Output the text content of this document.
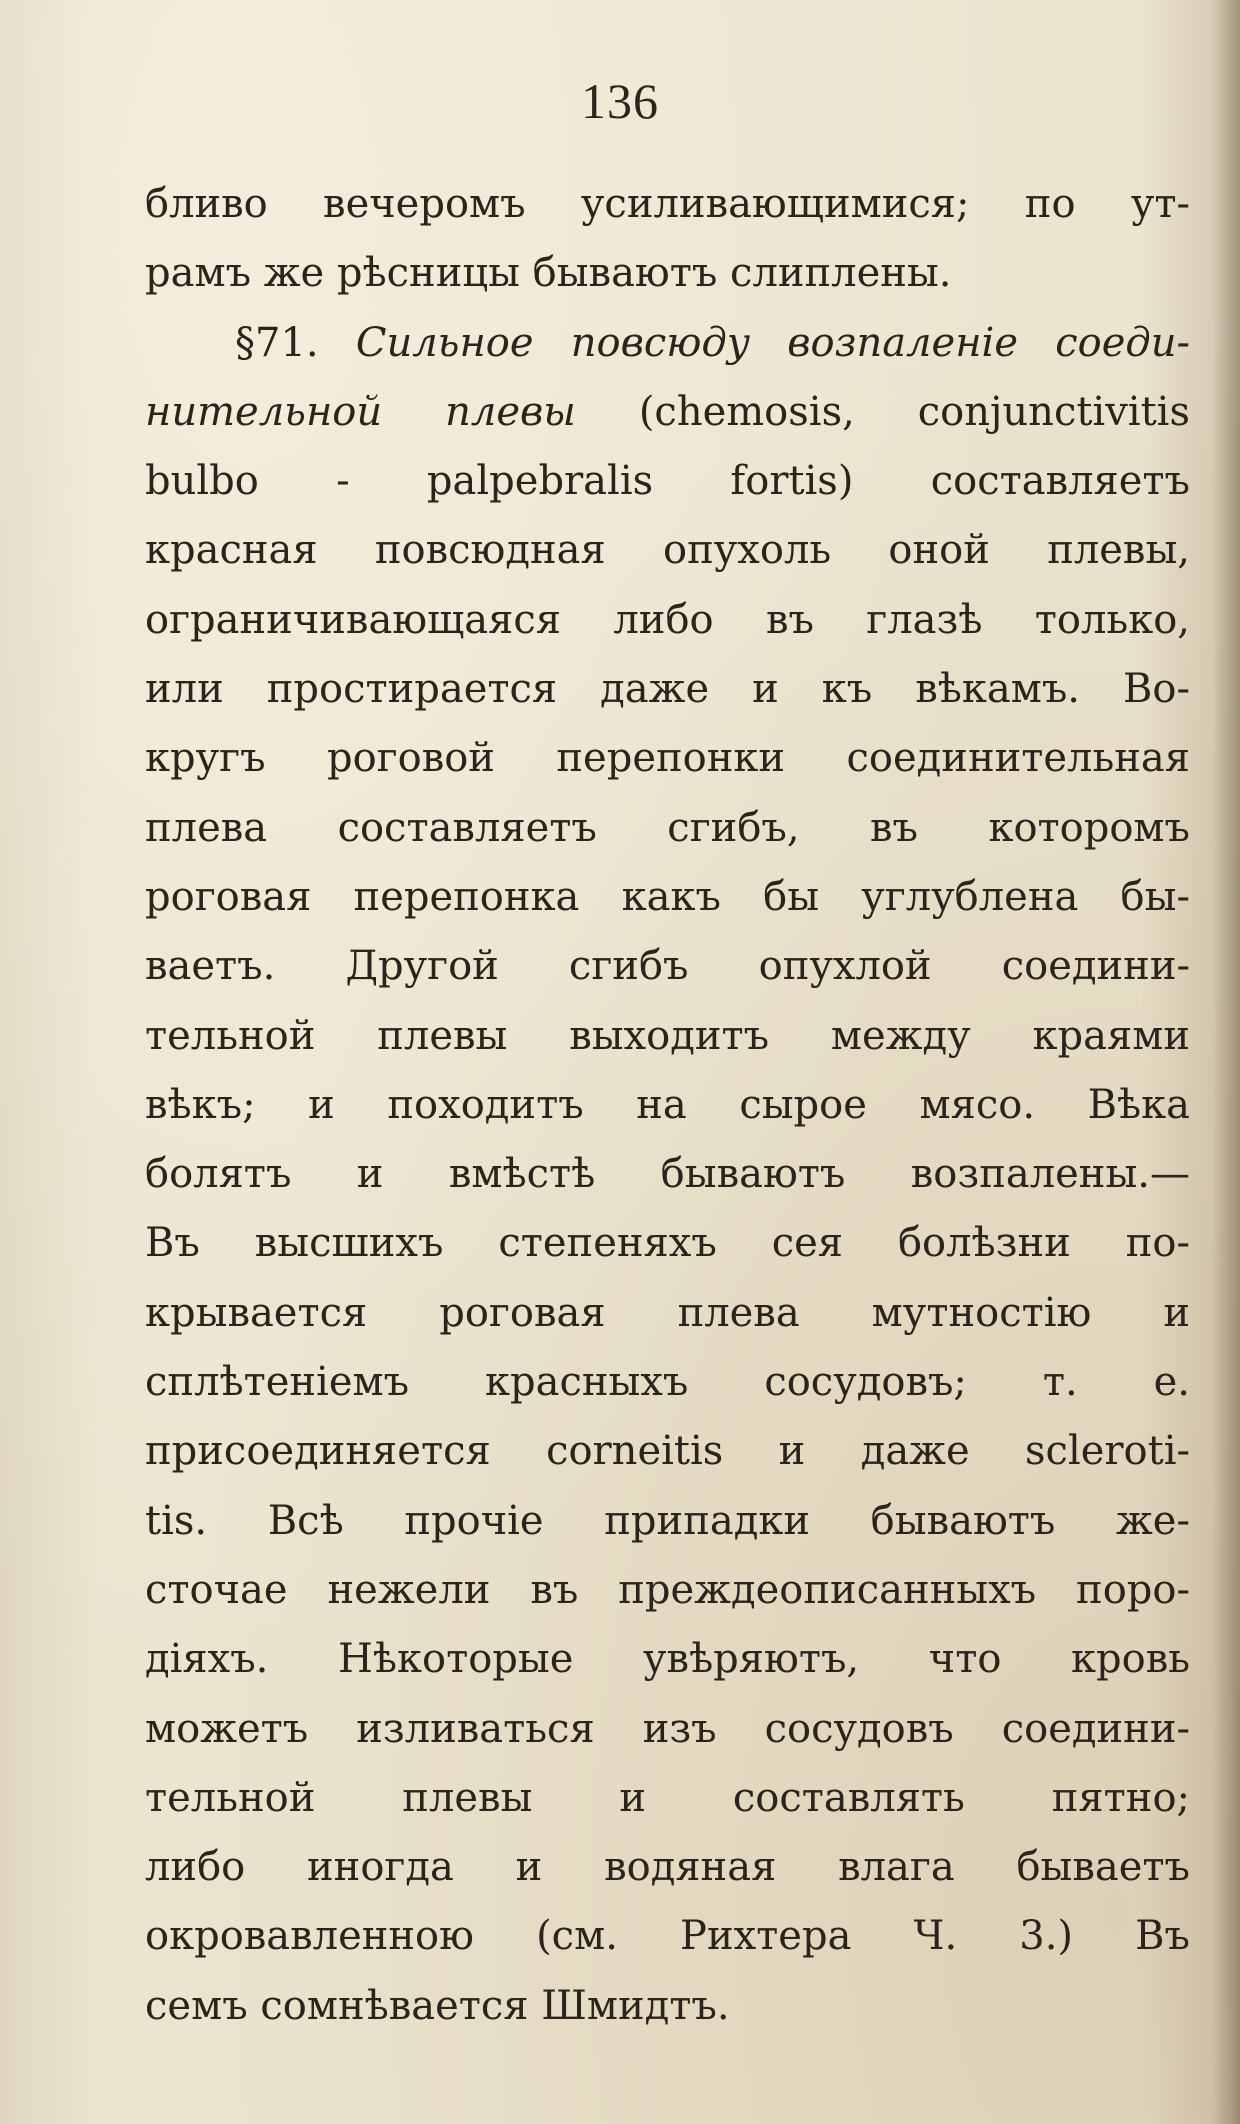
136
бливо вечеромъ усиливающимися; по ут-
рамъ же рѣсницы бываютъ слиплены.
§71. Сильное повсюду возпаленіе соеди-
нительной плевы (chemosis, conjunctivitis
bulbo - palpebralis fortis) составляетъ
красная повсюдная опухоль оной плевы,
ограничивающаяся либо въ глазѣ только,
или простирается даже и къ вѣкамъ. Во-
кругъ роговой перепонки соединительная
плева составляетъ сгибъ, въ которомъ
роговая перепонка какъ бы углублена бы-
ваетъ. Другой сгибъ опухлой соедини-
тельной плевы выходитъ между краями
вѣкъ; и походитъ на сырое мясо. Вѣка
болятъ и вмѣстѣ бываютъ возпалены.—
Въ высшихъ степеняхъ сея болѣзни по-
крывается роговая плева мутностію и
сплѣтеніемъ красныхъ сосудовъ; т. е.
присоединяется corneitis и даже scleroti-
tis. Всѣ прочіе припадки бываютъ же-
сточае нежели въ преждеописанныхъ поро-
діяхъ. Нѣкоторые увѣряютъ, что кровь
можетъ изливаться изъ сосудовъ соедини-
тельной плевы и составлять пятно;
либо иногда и водяная влага бываетъ
окровавленною (см. Рихтера Ч. 3.) Въ
семъ сомнѣвается Шмидтъ.
